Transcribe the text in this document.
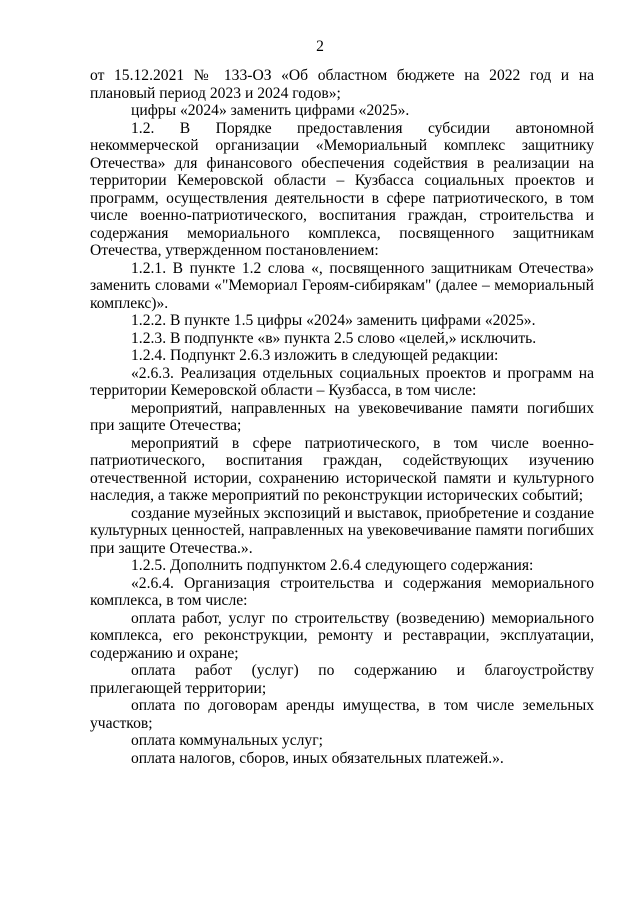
2

от 15.12.2021 № 133-ОЗ «Об областном бюджете на 2022 год и на плановый период 2023 и 2024 годов»;

цифры «2024» заменить цифрами «2025».

1.2. В Порядке предоставления субсидии автономной некоммерческой организации «Мемориальный комплекс защитнику Отечества» для финансового обеспечения содействия в реализации на территории Кемеровской области – Кузбасса социальных проектов и программ, осуществления деятельности в сфере патриотического, в том числе военно-патриотического, воспитания граждан, строительства и содержания мемориального комплекса, посвященного защитникам Отечества, утвержденном постановлением:

1.2.1. В пункте 1.2 слова «, посвященного защитникам Отечества» заменить словами «"Мемориал Героям-сибирякам" (далее – мемориальный комплекс)».

1.2.2. В пункте 1.5 цифры «2024» заменить цифрами «2025».

1.2.3. В подпункте «в» пункта 2.5 слово «целей,» исключить.

1.2.4. Подпункт 2.6.3 изложить в следующей редакции:

«2.6.3. Реализация отдельных социальных проектов и программ на территории Кемеровской области – Кузбасса, в том числе:

мероприятий, направленных на увековечивание памяти погибших при защите Отечества;

мероприятий в сфере патриотического, в том числе военно-патриотического, воспитания граждан, содействующих изучению отечественной истории, сохранению исторической памяти и культурного наследия, а также мероприятий по реконструкции исторических событий;

создание музейных экспозиций и выставок, приобретение и создание культурных ценностей, направленных на увековечивание памяти погибших при защите Отечества.».

1.2.5. Дополнить подпунктом 2.6.4 следующего содержания:

«2.6.4. Организация строительства и содержания мемориального комплекса, в том числе:

оплата работ, услуг по строительству (возведению) мемориального комплекса, его реконструкции, ремонту и реставрации, эксплуатации, содержанию и охране;

оплата работ (услуг) по содержанию и благоустройству прилегающей территории;

оплата по договорам аренды имущества, в том числе земельных участков;

оплата коммунальных услуг;

оплата налогов, сборов, иных обязательных платежей.».
